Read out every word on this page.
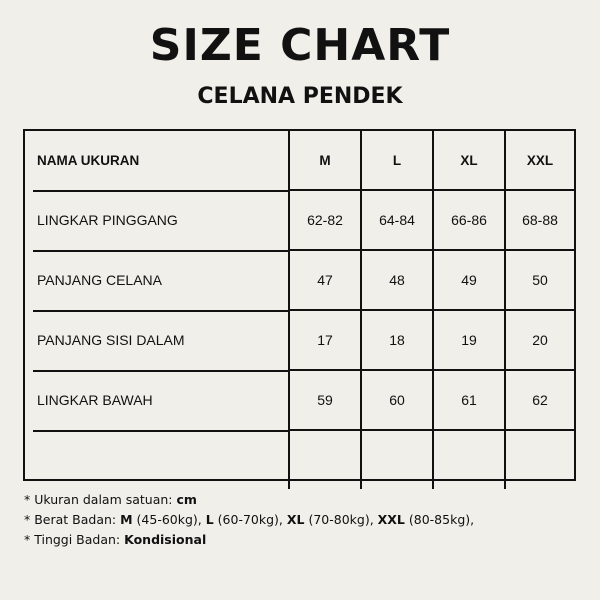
SIZE CHART
CELANA PENDEK
NAMA UKURAN	M	L	XL	XXL
LINGKAR PINGGANG	62-82	64-84	66-86	68-88
PANJANG CELANA	47	48	49	50
PANJANG SISI DALAM	17	18	19	20
LINGKAR BAWAH	59	60	61	62

* Ukuran dalam satuan: cm
* Berat Badan: M (45-60kg), L (60-70kg), XL (70-80kg), XXL (80-85kg),
* Tinggi Badan: Kondisional
